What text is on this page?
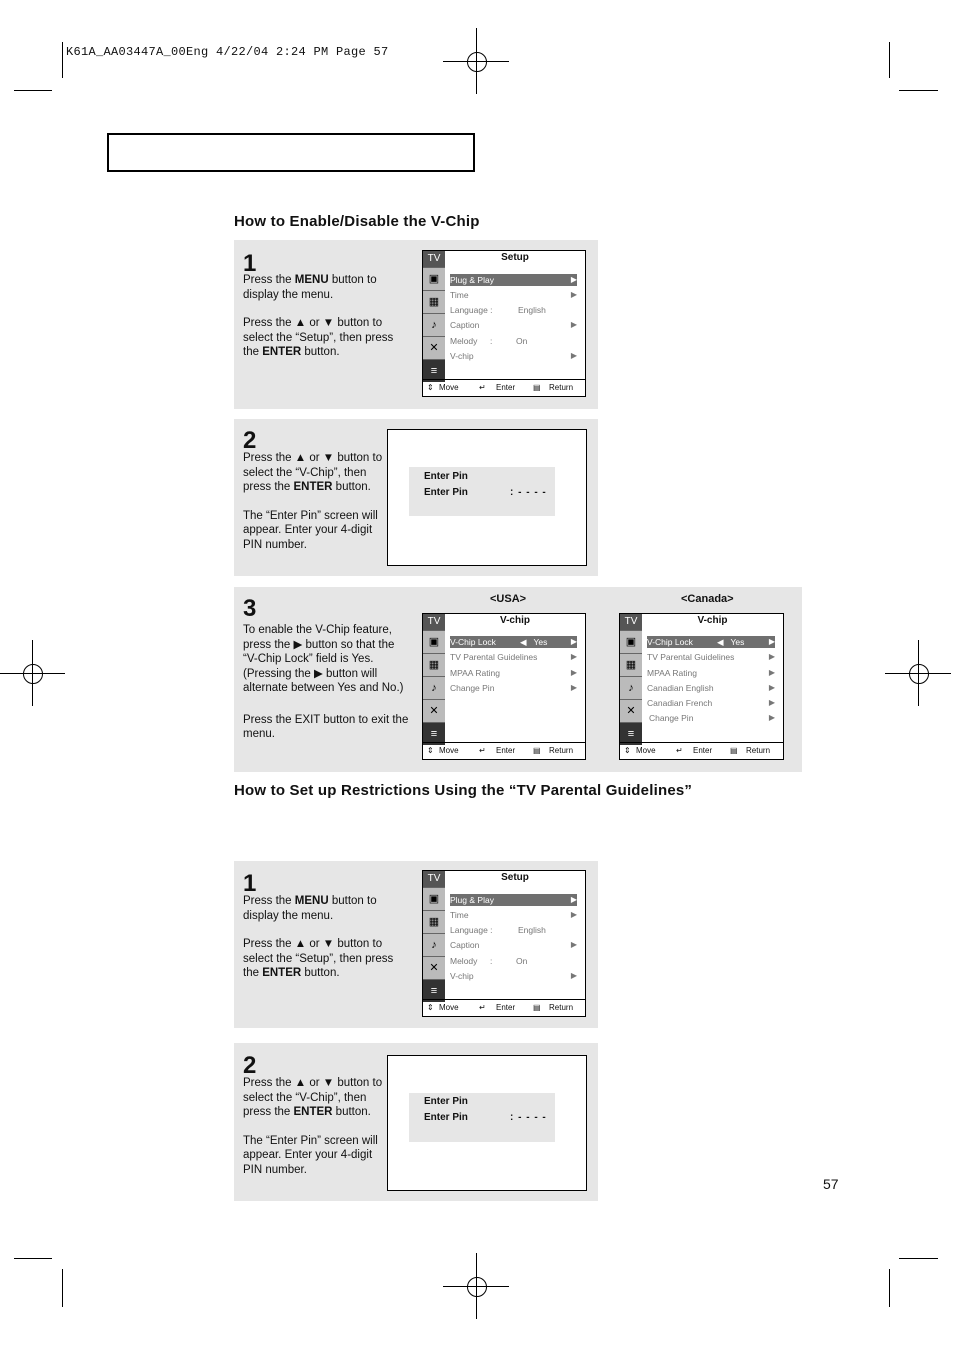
K61A_AA03447A_00Eng 4/22/04 2:24 PM Page 57
How to Enable/Disable the V-Chip
1

Press the MENU button to display the menu.

Press the ▲ or ▼ button to select the “Setup”, then press the ENTER button.

TV
▣
▦
♪
✕
≡
Setup
Plug & Play	▶
Time	▶
Language :	English
Caption	▶
Melody :          On
V-chip	▶
⇕ Move	↵ Enter ▤ Return
2

Press the ▲ or ▼ button to select the “V-Chip”, then press the ENTER button.

The “Enter Pin” screen will appear. Enter your 4-digit PIN number.

Enter Pin
Enter Pin	: - - - -
3

To enable the V-Chip feature, press the ▶ button so that the “V-Chip Lock” field is Yes. (Pressing the ▶ button will alternate between Yes and No.)

Press the EXIT button to exit the menu.

<USA>	<Canada>
TV
▣
▦
♪
✕
≡
V-chip
V-Chip Lock	◀   Yes	▶
TV Parental Guidelines	▶
MPAA Rating	▶
Change Pin	▶
⇕ Move	↵ Enter ▤ Return
TV
▣
▦
♪
✕
≡
V-chip
V-Chip Lock	◀   Yes	▶
TV Parental Guidelines	▶
MPAA Rating	▶
Canadian English	▶
Canadian French	▶
Change Pin	▶
⇕ Move	↵ Enter ▤ Return
How to Set up Restrictions Using the “TV Parental Guidelines”
1

Press the MENU button to display the menu.

Press the ▲ or ▼ button to select the “Setup”, then press the ENTER button.

TV
▣
▦
♪
✕
≡
Setup
Plug & Play	▶
Time	▶
Language :	English
Caption	▶
Melody :          On
V-chip	▶
⇕ Move	↵ Enter ▤ Return
2

Press the ▲ or ▼ button to select the “V-Chip”, then press the ENTER button.

The “Enter Pin” screen will appear. Enter your 4-digit PIN number.

Enter Pin
Enter Pin	: - - - -
57
